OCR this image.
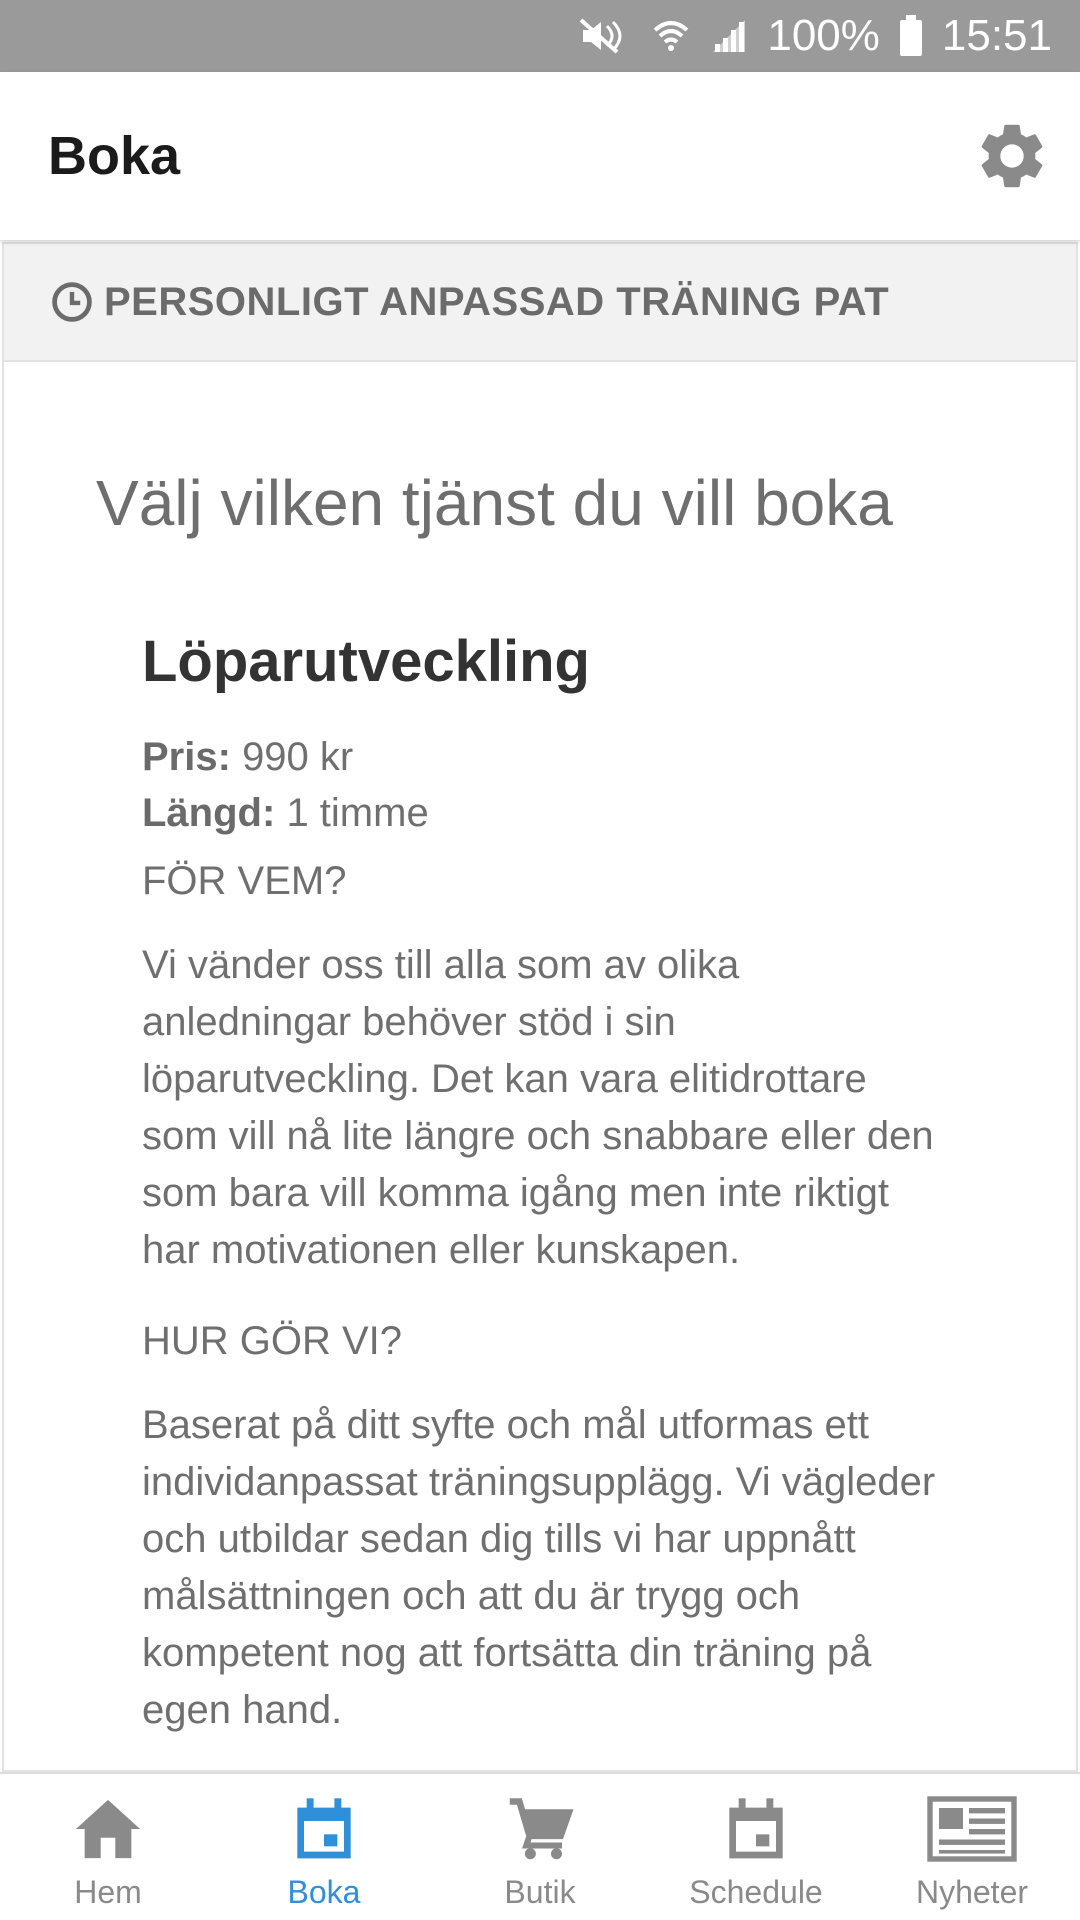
100% 15:51
Boka
PERSONLIGT ANPASSAD TRÄNING PAT
Välj vilken tjänst du vill boka
Löparutveckling
Pris: 990 kr
Längd: 1 timme
FÖR VEM?

Vi vänder oss till alla som av olika anledningar behöver stöd i sin löparutveckling. Det kan vara elitidrottare som vill nå lite längre och snabbare eller den som bara vill komma igång men inte riktigt har motivationen eller kunskapen.

HUR GÖR VI?

Baserat på ditt syfte och mål utformas ett individanpassat träningsupplägg. Vi vägleder och utbildar sedan dig tills vi har uppnått målsättningen och att du är trygg och kompetent nog att fortsätta din träning på egen hand.

Hem	Boka	Butik	Schedule	Nyheter
